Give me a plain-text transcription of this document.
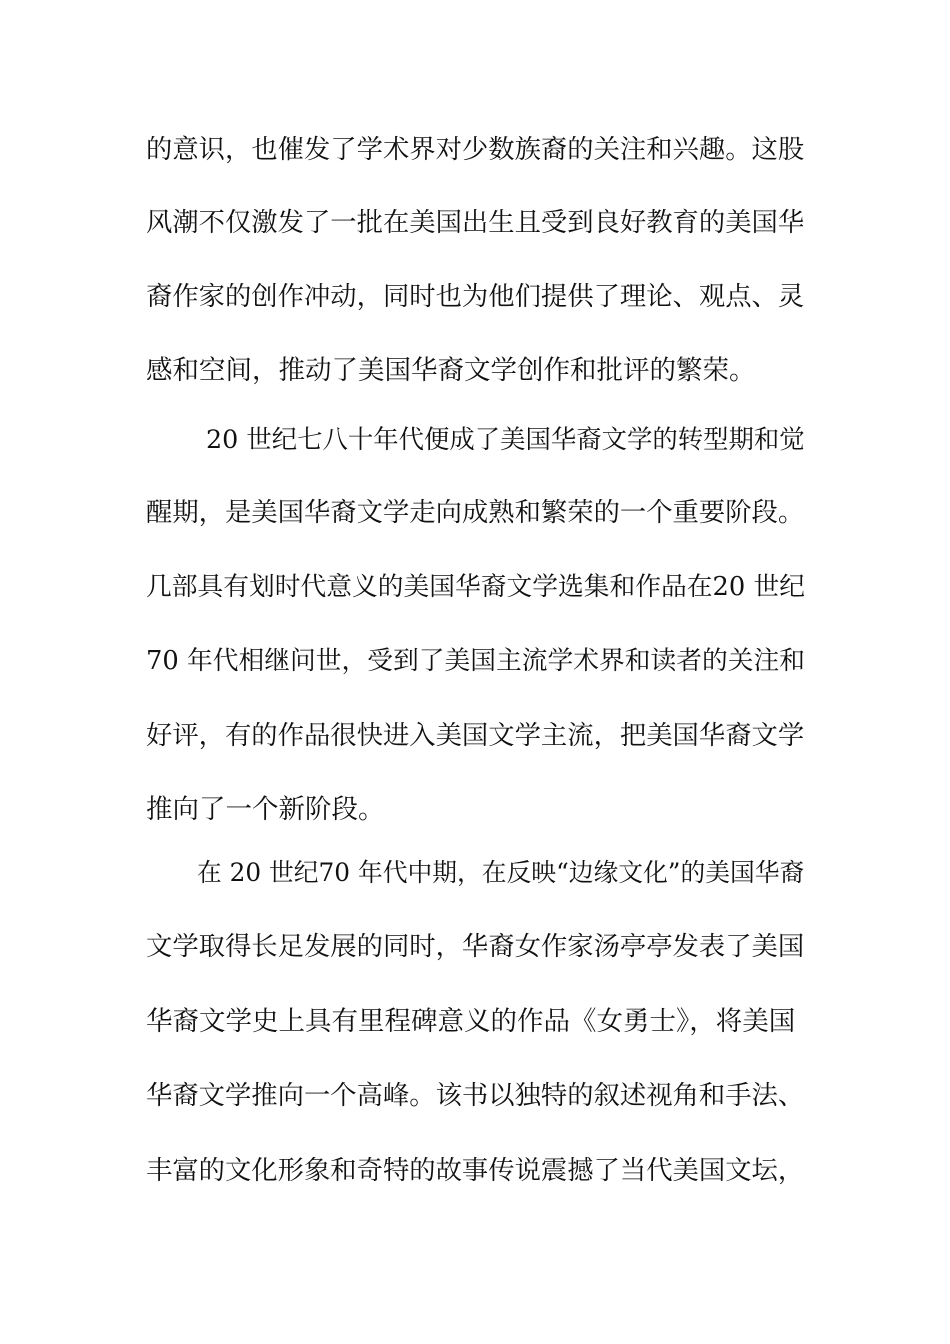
的意识，也催发了学术界对少数族裔的关注和兴趣。这股
风潮不仅激发了一批在美国出生且受到良好教育的美国华
裔作家的创作冲动，同时也为他们提供了理论、观点、灵
感和空间，推动了美国华裔文学创作和批评的繁荣。
20 世纪七八十年代便成了美国华裔文学的转型期和觉
醒期，是美国华裔文学走向成熟和繁荣的一个重要阶段。
几部具有划时代意义的美国华裔文学选集和作品在20 世纪
70 年代相继问世，受到了美国主流学术界和读者的关注和
好评，有的作品很快进入美国文学主流，把美国华裔文学
推向了一个新阶段。
在 20 世纪70 年代中期，在反映“边缘文化”的美国华裔
文学取得长足发展的同时，华裔女作家汤亭亭发表了美国
华裔文学史上具有里程碑意义的作品《女勇士》，将美国
华裔文学推向一个高峰。该书以独特的叙述视角和手法、
丰富的文化形象和奇特的故事传说震撼了当代美国文坛，
